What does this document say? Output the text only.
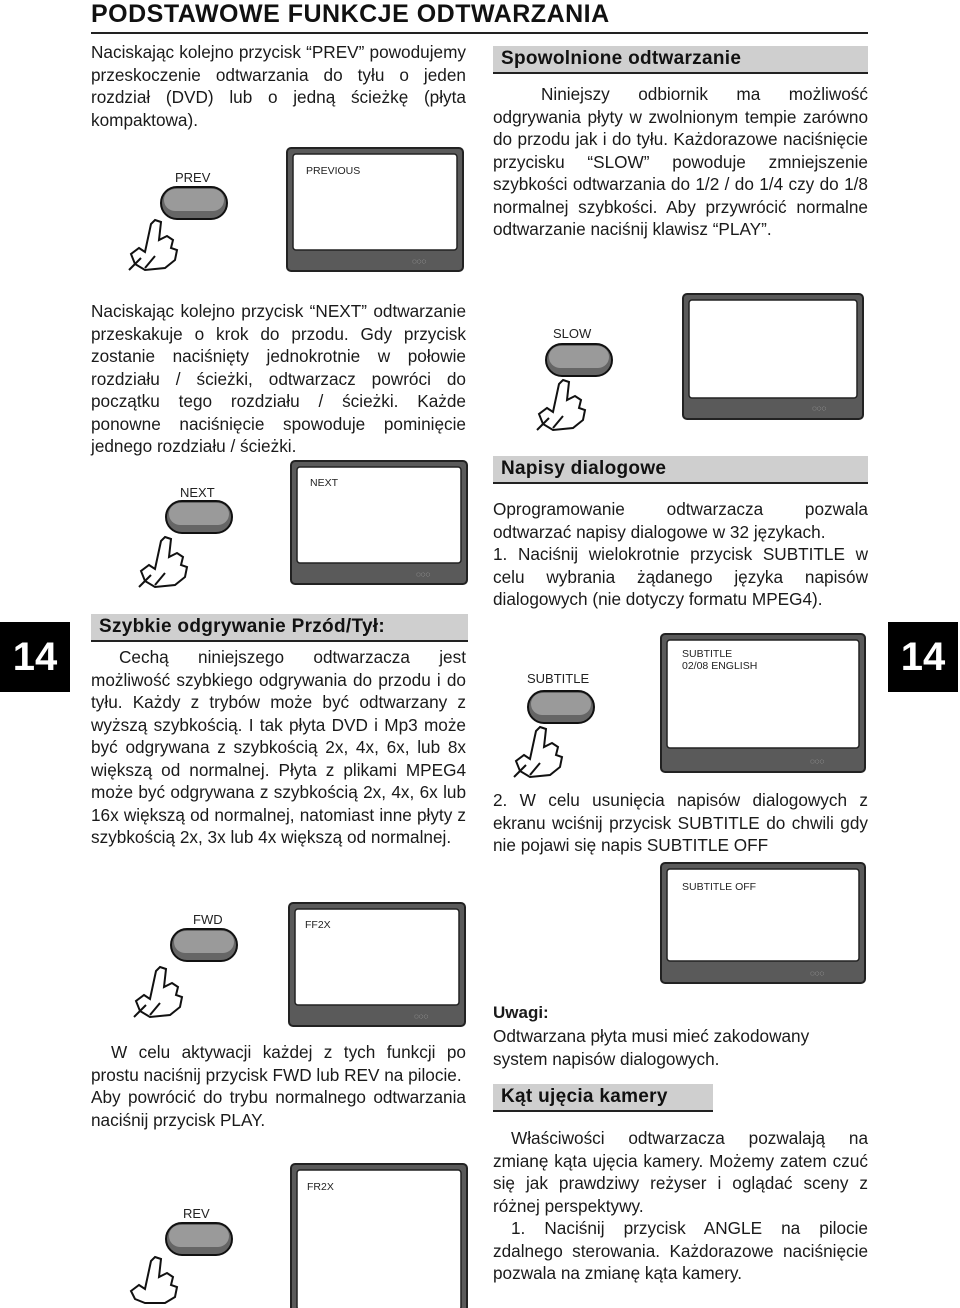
PODSTAWOWE FUNKCJE ODTWARZANIA
14	14

Naciskając kolejno przycisk “PREV” powodujemy przeskoczenie odtwarzania do tyłu o jeden rozdział (DVD) lub o jedną ścieżkę (płyta kompaktowa).

PREV
◌◌◌
PREVIOUS

Naciskając kolejno przycisk “NEXT” odtwarzanie przeskakuje o krok do przodu. Gdy przycisk zostanie naciśnięty jednokrotnie w połowie rozdziału / ścieżki, odtwarzacz powróci do początku tego rozdziału / ścieżki. Każde ponowne naciśnięcie spowoduje pominięcie jednego rozdziału / ścieżki.

NEXT
◌◌◌
NEXT
Szybkie odgrywanie Przód/Tył:

Cechą niniejszego odtwarzacza jest możliwość szybkiego odgrywania do przodu i do tyłu. Każdy z trybów może być odtwarzany z wyższą szybkością. I tak płyta DVD i Mp3 może być odgrywana z szybkością 2x, 4x, 6x, lub 8x większą od normalnej. Płyta z plikami MPEG4 może być odgrywana z szybkością 2x, 4x, 6x lub 16x większą od normalnej, natomiast inne płyty z szybkością 2x, 3x lub 4x większą od normalnej.

FWD
◌◌◌
FF2X

W celu aktywacji każdej z tych funkcji po prostu naciśnij przycisk FWD lub REV na pilocie.

Aby powrócić do trybu normalnego odtwarzania naciśnij przycisk PLAY.

REV
FR2X
Spowolnione odtwarzanie

Niniejszy odbiornik ma możliwość odgrywania płyty w zwolnionym tempie zarówno do przodu jak i do tyłu. Każdorazowe naciśnięcie przycisku “SLOW” powoduje zmniejszenie szybkości odtwarzania do 1/2 / do 1/4 czy do 1/8 normalnej szybkości. Aby przywrócić normalne odtwarzanie naciśnij klawisz “PLAY”.

SLOW
◌◌◌
Napisy dialogowe

Oprogramowanie odtwarzacza pozwala odtwarzać napisy dialogowe w 32 językach.

1. Naciśnij wielokrotnie przycisk SUBTITLE w celu wybrania żądanego języka napisów dialogowych (nie dotyczy formatu MPEG4).

SUBTITLE
◌◌◌
SUBTITLE
02/08 ENGLISH

2. W celu usunięcia napisów dialogowych z ekranu wciśnij przycisk SUBTITLE do chwili gdy nie pojawi się napis SUBTITLE OFF

◌◌◌
SUBTITLE OFF
Uwagi:

Odtwarzana płyta musi mieć zakodowany system napisów dialogowych.

Kąt ujęcia kamery

Właściwości odtwarzacza pozwalają na zmianę kąta ujęcia kamery. Możemy zatem czuć się jak prawdziwy reżyser i oglądać sceny z różnej perspektywy.

1. Naciśnij przycisk ANGLE na pilocie zdalnego sterowania. Każdorazowe naciśnięcie pozwala na zmianę kąta kamery.
